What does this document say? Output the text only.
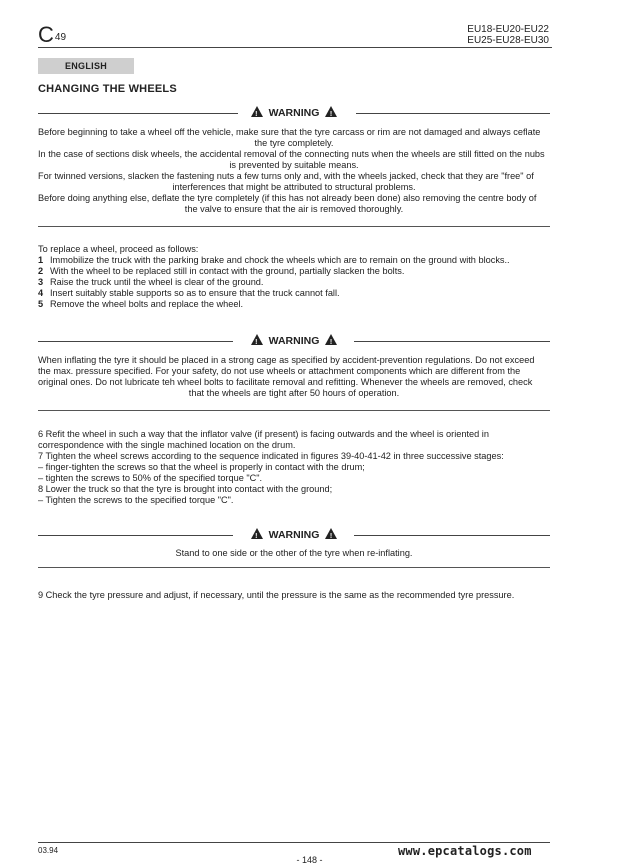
$C_{49}$
EU18-EU20-EU22
EU25-EU28-EU30
ENGLISH
CHANGING THE WHEELS
!WARNING!

Before beginning to take a wheel off the vehicle, make sure that the tyre carcass or rim are not damaged and always ceflate

the tyre completely.

In the case of sections disk wheels, the accidental removal of the connecting nuts when the wheels are still fitted on the nubs

is prevented by suitable means.

For twinned versions, slacken the fastening nuts a few turns only and, with the wheels jacked, check that they are "free" of

interferences that might be attributed to structural problems.

Before doing anything else, deflate the tyre completely (if this has not already been done) also removing the centre body of

the valve to ensure that the air is removed thoroughly.

To replace a wheel, proceed as follows:

1 Immobilize the truck with the parking brake and chock the wheels which are to remain on the ground with blocks..
2 With the wheel to be replaced still in contact with the ground, partially slacken the bolts.
3 Raise the truck until the wheel is clear of the ground.
4 Insert suitably stable supports so as to ensure that the truck cannot fall.
5 Remove the wheel bolts and replace the wheel.
!WARNING!

When inflating the tyre it should be placed in a strong cage as specified by accident-prevention regulations. Do not exceed

the max. pressure specified. For your safety, do not use wheels or attachment components which are different from the

original ones. Do not lubricate teh wheel bolts to facilitate removal and refitting. Whenever the wheels are removed, check

that the wheels are tight after 50 hours of operation.

6 Refit the wheel in such a way that the inflator valve (if present) is facing outwards and the wheel is oriented in

correspondence with the single machined location on the drum.

7 Tighten the wheel screws according to the sequence indicated in figures 39-40-41-42 in three successive stages:

– finger-tighten the screws so that the wheel is properly in contact with the drum;

– tighten the screws to 50% of the specified torque "C".

8 Lower the truck so that the tyre is brought into contact with the ground;

– Tighten the screws to the specified torque "C".

!WARNING!

Stand to one side or the other of the tyre when re-inflating.

9 Check the tyre pressure and adjust, if necessary, until the pressure is the same as the recommended tyre pressure.

03.94
- 148 -
www.epcatalogs.com
